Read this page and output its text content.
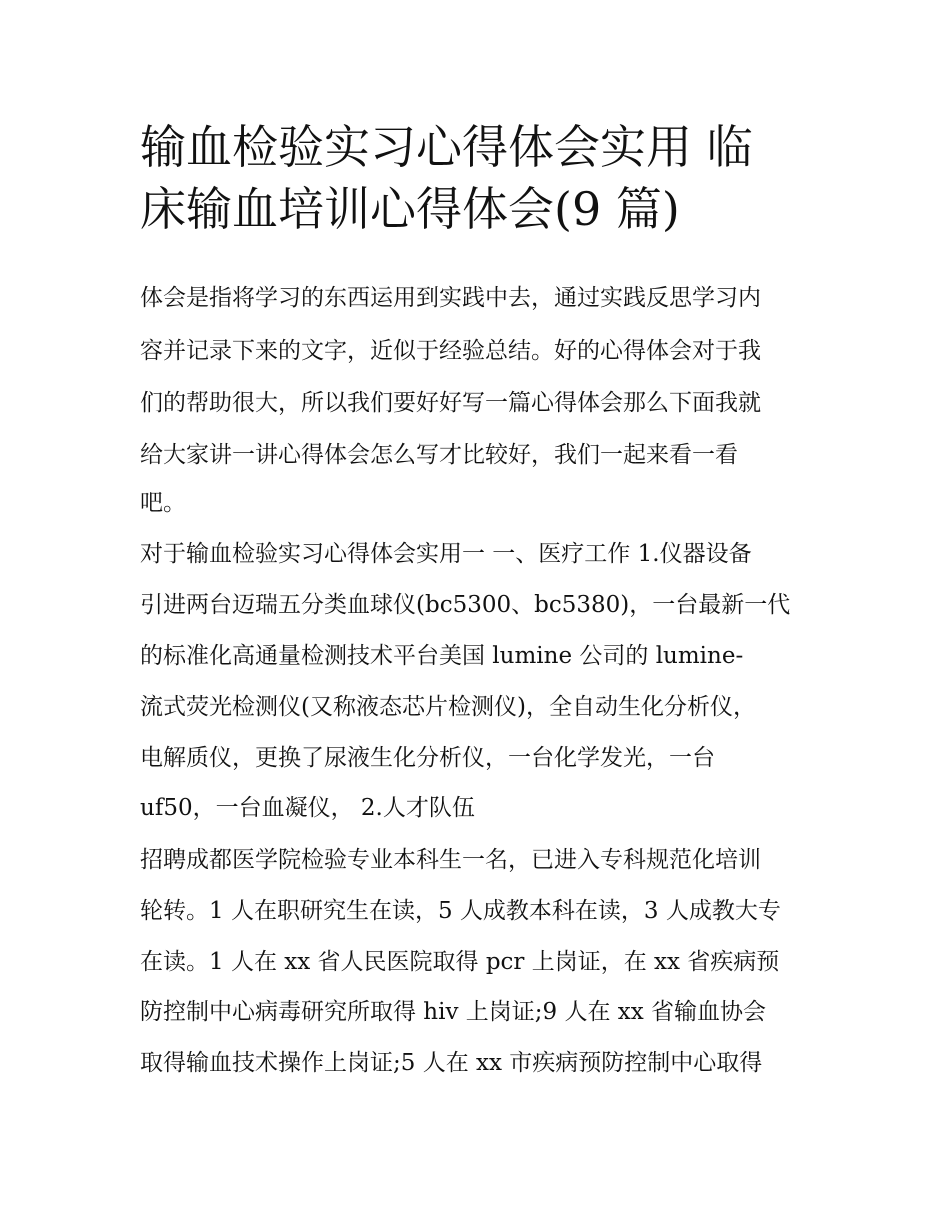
输血检验实习心得体会实用 临
床输血培训心得体会(9 篇)

体会是指将学习的东西运用到实践中去，通过实践反思学习内

容并记录下来的文字，近似于经验总结。好的心得体会对于我

们的帮助很大，所以我们要好好写一篇心得体会那么下面我就

给大家讲一讲心得体会怎么写才比较好，我们一起来看一看

吧。

对于输血检验实习心得体会实用一 一、医疗工作 1.仪器设备

引进两台迈瑞五分类血球仪(bc5300、bc5380)，一台最新一代

的标准化高通量检测技术平台美国 lumine 公司的 lumine-

流式荧光检测仪(又称液态芯片检测仪)，全自动生化分析仪，

电解质仪，更换了尿液生化分析仪，一台化学发光，一台

uf50，一台血凝仪， 2.人才队伍

招聘成都医学院检验专业本科生一名，已进入专科规范化培训

轮转。1 人在职研究生在读，5 人成教本科在读，3 人成教大专

在读。1 人在 xx 省人民医院取得 pcr 上岗证，在 xx 省疾病预

防控制中心病毒研究所取得 hiv 上岗证;9 人在 xx 省输血协会

取得输血技术操作上岗证;5 人在 xx 市疾病预防控制中心取得
